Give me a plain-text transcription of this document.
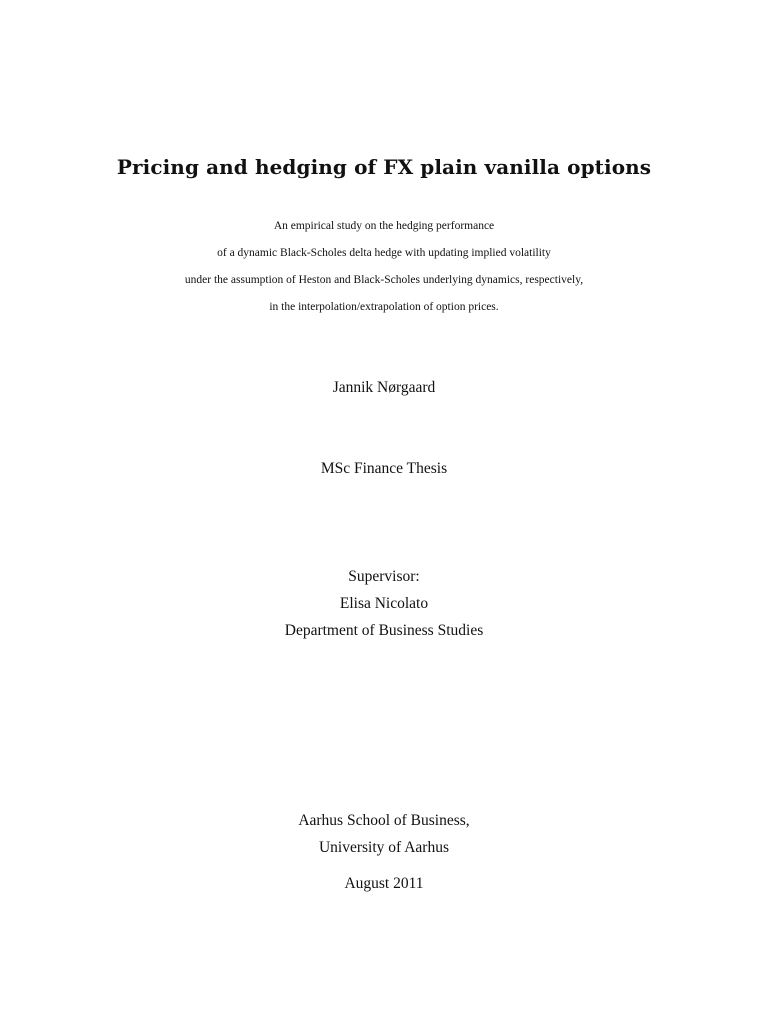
Pricing and hedging of FX plain vanilla options
An empirical study on the hedging performance
of a dynamic Black-Scholes delta hedge with updating implied volatility
under the assumption of Heston and Black-Scholes underlying dynamics, respectively,
in the interpolation/extrapolation of option prices.
Jannik Nørgaard
MSc Finance Thesis
Supervisor:
Elisa Nicolato
Department of Business Studies
Aarhus School of Business,
University of Aarhus
August 2011
